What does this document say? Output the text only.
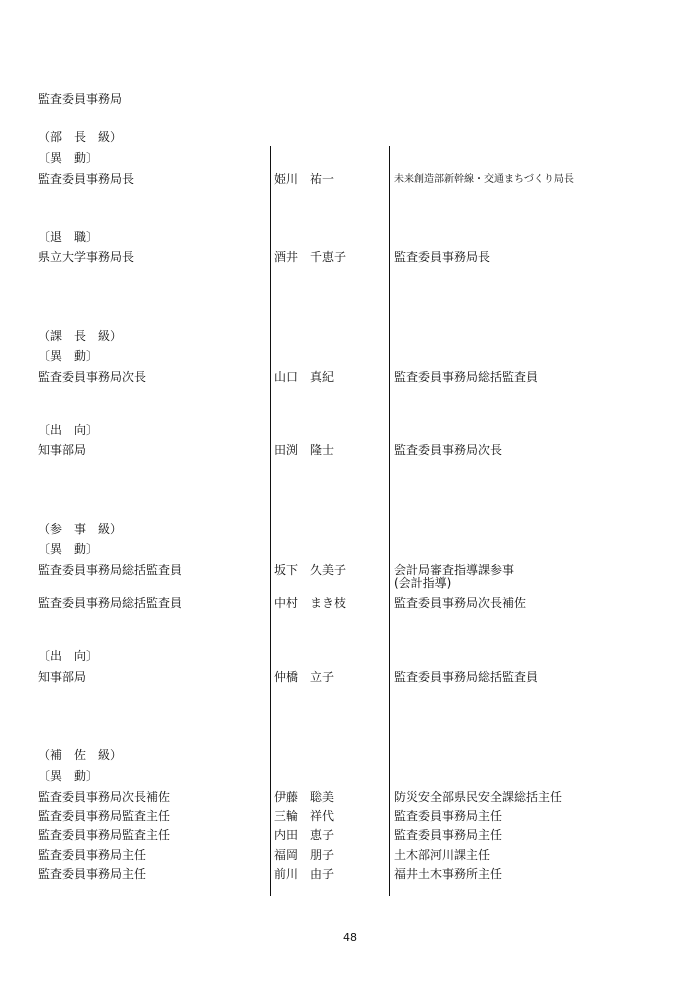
監査委員事務局
（部　長　級）
〔異　動〕
監査委員事務局長	姫川　祐一	未来創造部新幹線・交通まちづくり局長
〔退　職〕
県立大学事務局長	酒井　千恵子	監査委員事務局長
（課　長　級）
〔異　動〕
監査委員事務局次長	山口　真紀	監査委員事務局総括監査員
〔出　向〕
知事部局	田渕　隆士	監査委員事務局次長
（参　事　級）
〔異　動〕
監査委員事務局総括監査員	坂下　久美子	会計局審査指導課参事
(会計指導)
監査委員事務局総括監査員	中村　まき枝	監査委員事務局次長補佐
〔出　向〕
知事部局	仲橋　立子	監査委員事務局総括監査員
（補　佐　級）
〔異　動〕
監査委員事務局次長補佐	伊藤　聡美	防災安全部県民安全課総括主任
監査委員事務局監査主任	三輪　祥代	監査委員事務局主任
監査委員事務局監査主任	内田　恵子	監査委員事務局主任
監査委員事務局主任	福岡　朋子	土木部河川課主任
監査委員事務局主任	前川　由子	福井土木事務所主任
48
